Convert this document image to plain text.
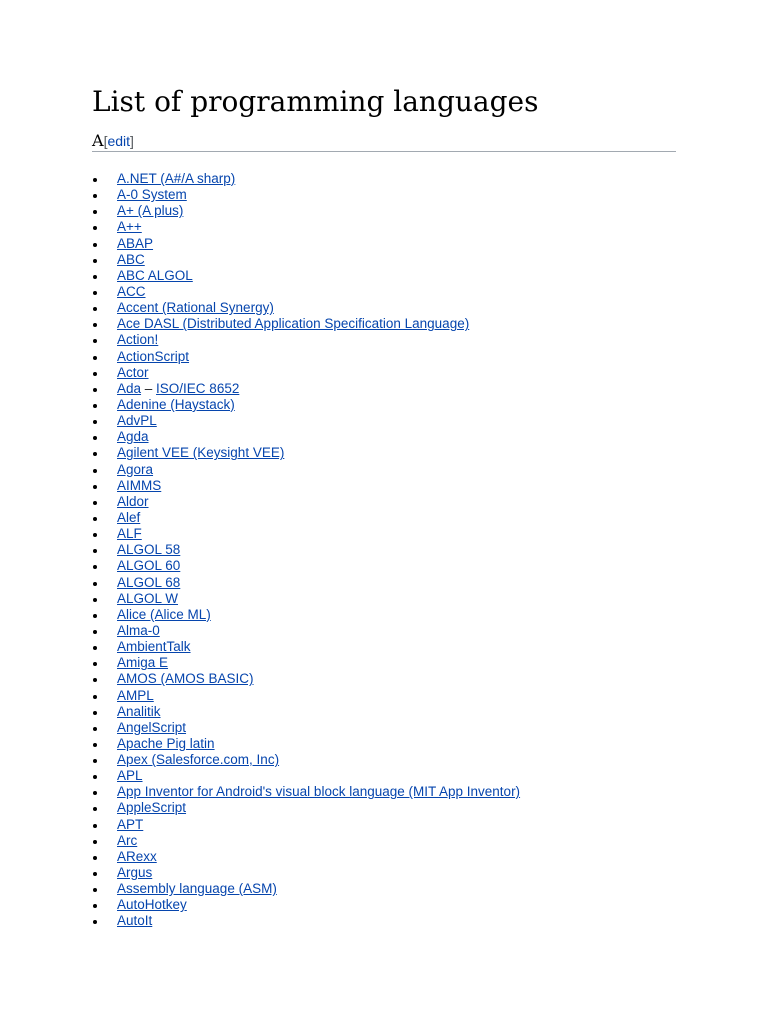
List of programming languages
A[edit]
A.NET (A#/A sharp)
A-0 System
A+ (A plus)
A++
ABAP
ABC
ABC ALGOL
ACC
Accent (Rational Synergy)
Ace DASL (Distributed Application Specification Language)
Action!
ActionScript
Actor
Ada – ISO/IEC 8652
Adenine (Haystack)
AdvPL
Agda
Agilent VEE (Keysight VEE)
Agora
AIMMS
Aldor
Alef
ALF
ALGOL 58
ALGOL 60
ALGOL 68
ALGOL W
Alice (Alice ML)
Alma-0
AmbientTalk
Amiga E
AMOS (AMOS BASIC)
AMPL
Analitik
AngelScript
Apache Pig latin
Apex (Salesforce.com, Inc)
APL
App Inventor for Android's visual block language (MIT App Inventor)
AppleScript
APT
Arc
ARexx
Argus
Assembly language (ASM)
AutoHotkey
AutoIt
